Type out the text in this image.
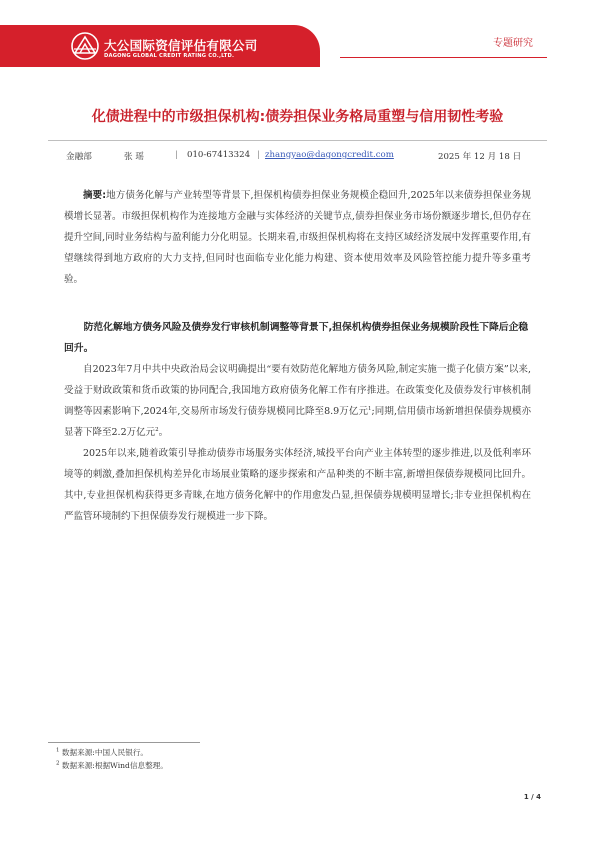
大公国际资信评估有限公司
DAGONG GLOBAL CREDIT RATING CO.,LTD.
专题研究
化债进程中的市级担保机构:债券担保业务格局重塑与信用韧性考验
金融部	张 瑶	| 010-67413324 | zhangyao@dagongcredit.com	2025 年 12 月 18 日
摘要:地方债务化解与产业转型等背景下,担保机构债券担保业务规模企稳回升,2025年以来债券担保业务规模增长显著。市级担保机构作为连接地方金融与实体经济的关键节点,债券担保业务市场份额逐步增长,但仍存在提升空间,同时业务结构与盈利能力分化明显。长期来看,市级担保机构将在支持区域经济发展中发挥重要作用,有望继续得到地方政府的大力支持,但同时也面临专业化能力构建、资本使用效率及风险管控能力提升等多重考验。
防范化解地方债务风险及债券发行审核机制调整等背景下,担保机构债券担保业务规模阶段性下降后企稳回升。

自2023年7月中共中央政治局会议明确提出“要有效防范化解地方债务风险,制定实施一揽子化债方案”以来,受益于财政政策和货币政策的协同配合,我国地方政府债务化解工作有序推进。在政策变化及债券发行审核机制调整等因素影响下,2024年,交易所市场发行债券规模同比降至8.9万亿元$^1$;同期,信用债市场新增担保债券规模亦显著下降至2.2万亿元$^2$。

2025年以来,随着政策引导推动债券市场服务实体经济,城投平台向产业主体转型的逐步推进,以及低利率环境等的刺激,叠加担保机构差异化市场展业策略的逐步探索和产品种类的不断丰富,新增担保债券规模同比回升。其中,专业担保机构获得更多青睐,在地方债务化解中的作用愈发凸显,担保债券规模明显增长;非专业担保机构在严监管环境制约下担保债券发行规模进一步下降。

$^1$ 数据来源:中国人民银行。
$^2$ 数据来源:根据Wind信息整理。
1 / 4
